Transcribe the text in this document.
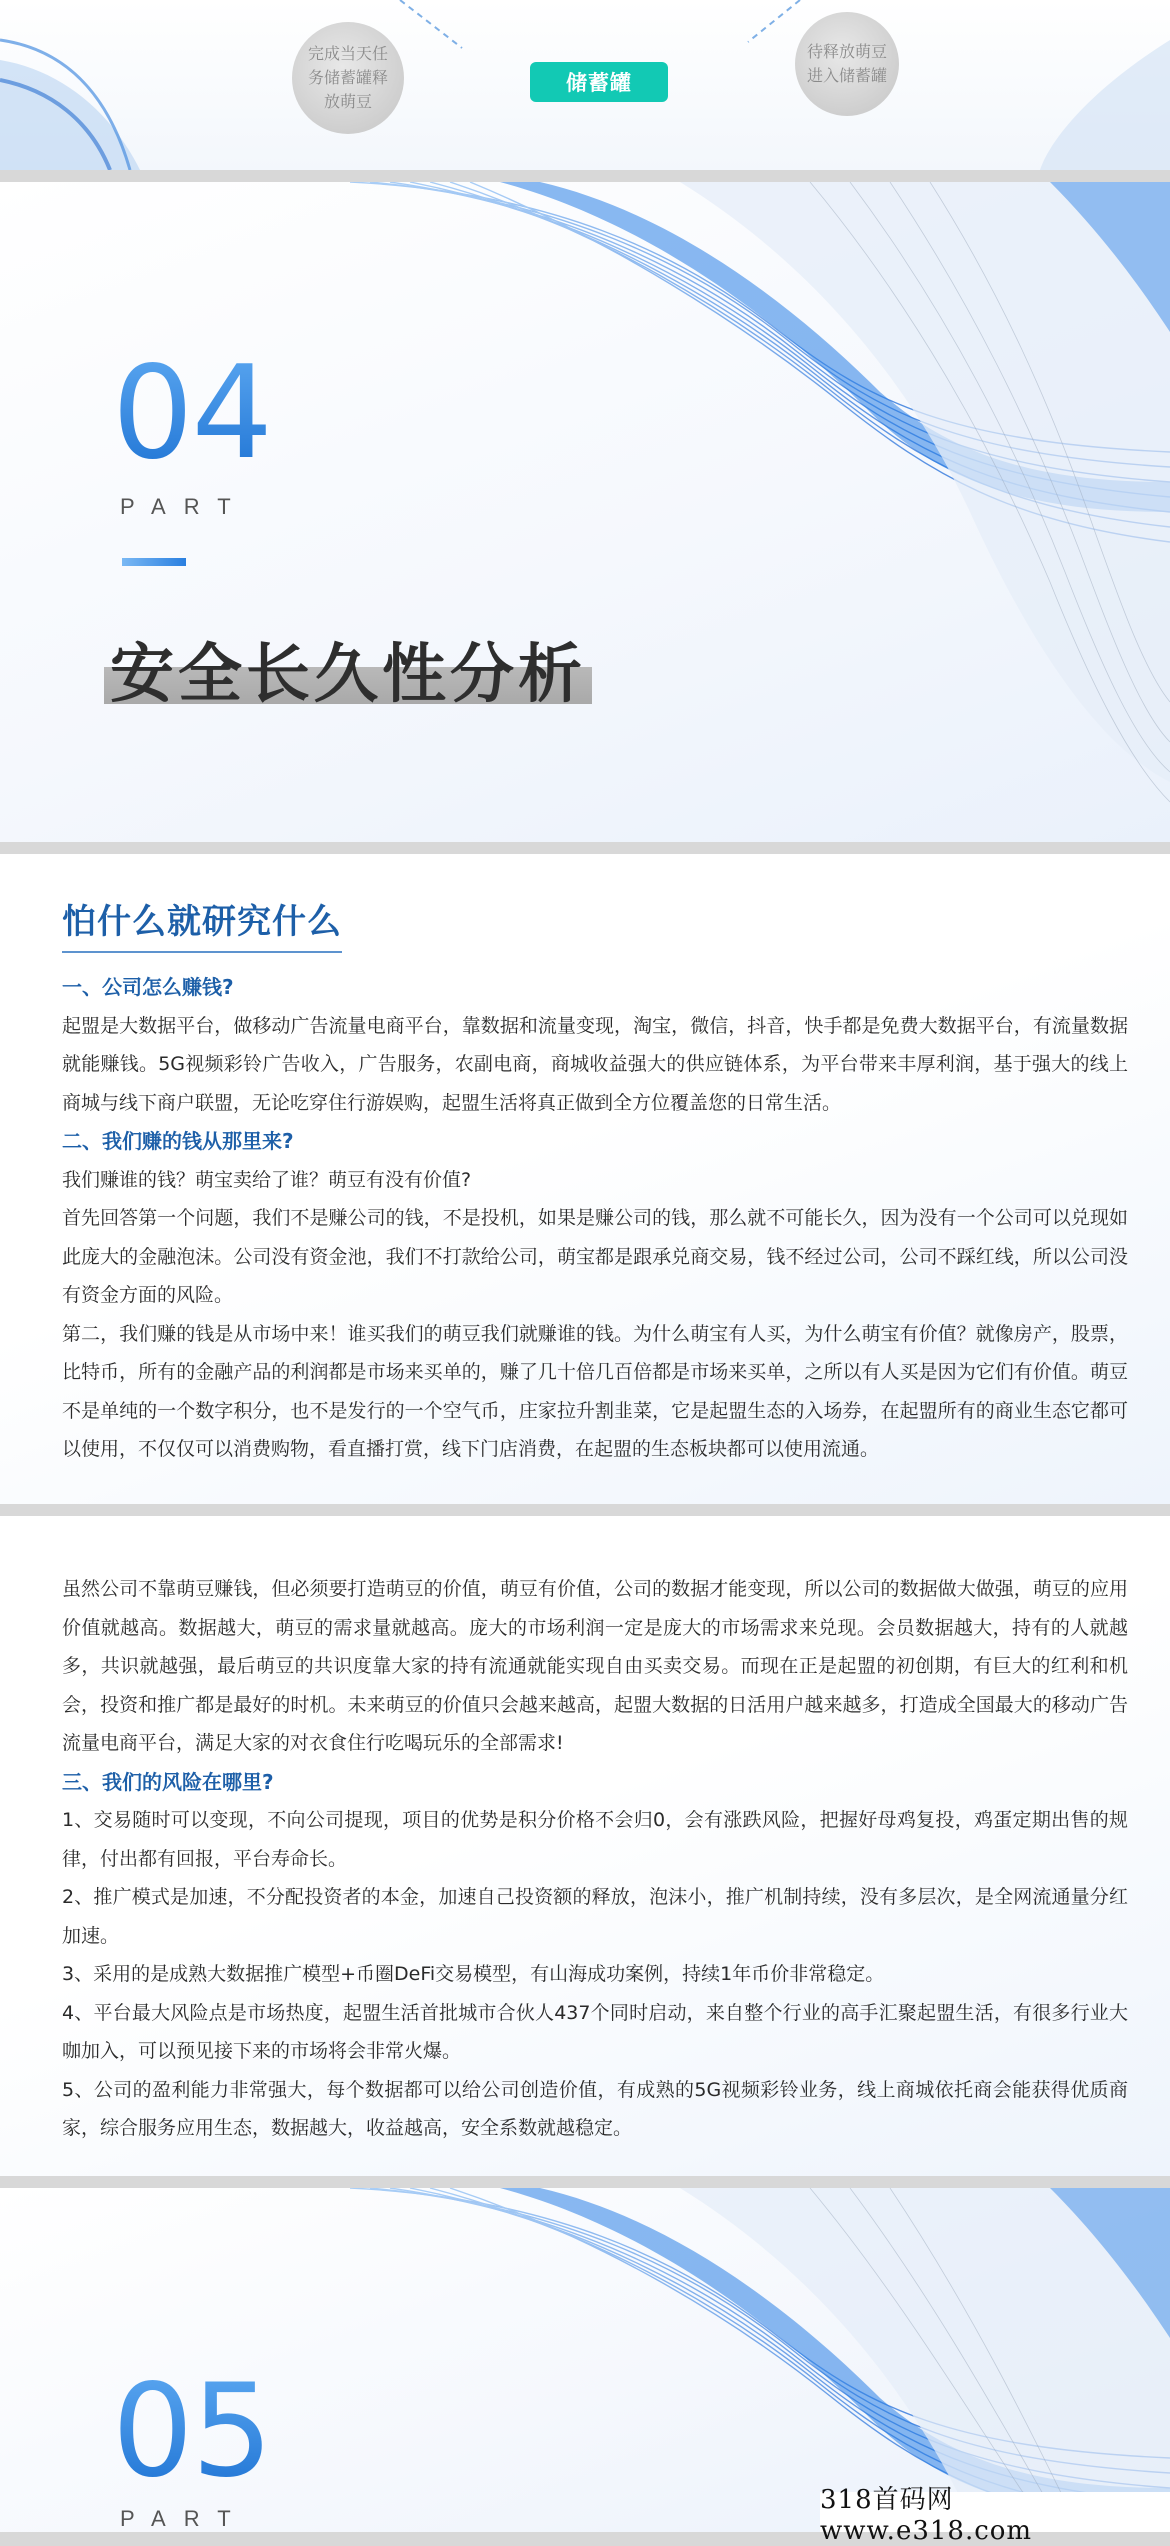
完成当天任务储蓄罐释放萌豆
待释放萌豆进入储蓄罐
储蓄罐
04
PART
安全长久性分析
怕什么就研究什么

一、公司怎么赚钱?

起盟是大数据平台，做移动广告流量电商平台，靠数据和流量变现，淘宝，微信，抖音，快手都是免费大数据平台，有流量数据就能赚钱。5G视频彩铃广告收入，广告服务，农副电商，商城收益强大的供应链体系，为平台带来丰厚利润，基于强大的线上商城与线下商户联盟，无论吃穿住行游娱购，起盟生活将真正做到全方位覆盖您的日常生活。

二、我们赚的钱从那里来?

我们赚谁的钱？萌宝卖给了谁？萌豆有没有价值?

首先回答第一个问题，我们不是赚公司的钱，不是投机，如果是赚公司的钱，那么就不可能长久，因为没有一个公司可以兑现如此庞大的金融泡沫。公司没有资金池，我们不打款给公司，萌宝都是跟承兑商交易，钱不经过公司，公司不踩红线，所以公司没有资金方面的风险。

第二，我们赚的钱是从市场中来！谁买我们的萌豆我们就赚谁的钱。为什么萌宝有人买，为什么萌宝有价值？就像房产，股票，比特币，所有的金融产品的利润都是市场来买单的，赚了几十倍几百倍都是市场来买单，之所以有人买是因为它们有价值。萌豆不是单纯的一个数字积分，也不是发行的一个空气币，庄家拉升割韭菜，它是起盟生态的入场券，在起盟所有的商业生态它都可以使用，不仅仅可以消费购物，看直播打赏，线下门店消费，在起盟的生态板块都可以使用流通。

虽然公司不靠萌豆赚钱，但必须要打造萌豆的价值，萌豆有价值，公司的数据才能变现，所以公司的数据做大做强，萌豆的应用价值就越高。数据越大，萌豆的需求量就越高。庞大的市场利润一定是庞大的市场需求来兑现。会员数据越大，持有的人就越多，共识就越强，最后萌豆的共识度靠大家的持有流通就能实现自由买卖交易。而现在正是起盟的初创期，有巨大的红利和机会，投资和推广都是最好的时机。未来萌豆的价值只会越来越高，起盟大数据的日活用户越来越多，打造成全国最大的移动广告流量电商平台，满足大家的对衣食住行吃喝玩乐的全部需求!

三、我们的风险在哪里?

1、交易随时可以变现，不向公司提现，项目的优势是积分价格不会归0，会有涨跌风险，把握好母鸡复投，鸡蛋定期出售的规律，付出都有回报，平台寿命长。

2、推广模式是加速，不分配投资者的本金，加速自己投资额的释放，泡沫小，推广机制持续，没有多层次，是全网流通量分红加速。

3、采用的是成熟大数据推广模型+币圈DeFi交易模型，有山海成功案例，持续1年币价非常稳定。

4、平台最大风险点是市场热度，起盟生活首批城市合伙人437个同时启动，来自整个行业的高手汇聚起盟生活，有很多行业大咖加入，可以预见接下来的市场将会非常火爆。

5、公司的盈利能力非常强大，每个数据都可以给公司创造价值，有成熟的5G视频彩铃业务，线上商城依托商会能获得优质商家，综合服务应用生态，数据越大，收益越高，安全系数就越稳定。

05
PART
318首码网 www.e318.com
